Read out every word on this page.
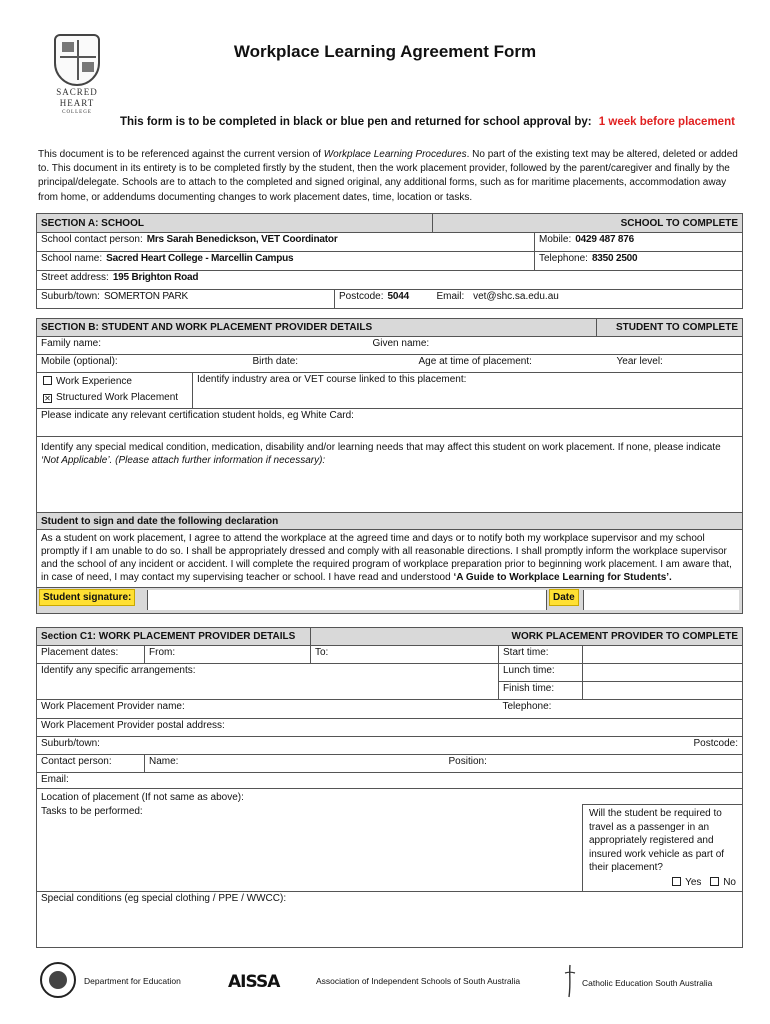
SACRED
HEART
COLLEGE
Workplace Learning Agreement Form
This form is to be completed in black or blue pen and returned for school approval by: 1 week before placement
This document is to be referenced against the current version of Workplace Learning Procedures. No part of the existing text may be altered, deleted or added to. This document in its entirety is to be completed firstly by the student, then the work placement provider, followed by the parent/caregiver and finally by the principal/delegate. Schools are to attach to the completed and signed original, any additional forms, such as for maritime placements, accommodation away from home, or addendums documenting changes to work placement dates, time, location or tasks.
SECTION A: SCHOOL		SCHOOL TO COMPLETE	
School contact person: Mrs Sarah Benedickson, VET Coordinator			Mobile: 0429 487 876
School name: Sacred Heart College - Marcellin Campus			Telephone: 8350 2500
Street address: 195 Brighton Road			
Suburb/town: SOMERTON PARK	Postcode: 5044	Email: vet@shc.sa.edu.au	
SECTION B: STUDENT AND WORK PLACEMENT PROVIDER DETAILS			STUDENT TO COMPLETE
Family name:		Given name:	
Mobile (optional):	Birth date:	Age at time of placement:	Year level:

Work Experience
✕ Structured Work Placement	Identify industry area or VET course linked to this placement:		
Please indicate any relevant certification student holds, eg White Card:			
Identify any special medical condition, medication, disability and/or learning needs that may affect this student on work placement. If none, please indicate ‘Not Applicable’. (Please attach further information if necessary):			
Student to sign and date the following declaration			
As a student on work placement, I agree to attend the workplace at the agreed time and days or to notify both my workplace supervisor and my school promptly if I am unable to do so. I shall be appropriately dressed and comply with all reasonable directions. I shall promptly inform the workplace supervisor and the school of any incident or accident. I will complete the required program of workplace preparation prior to beginning work placement. I am aware that, in case of need, I may contact my supervising teacher or school. I have read and understood ‘A Guide to Workplace Learning for Students’.			

Student signature: Date			
Section C1: WORK PLACEMENT PROVIDER DETAILS		WORK PLACEMENT PROVIDER TO COMPLETE		
Placement dates:	From:	To:	Start time:	
Identify any specific arrangements:			Lunch time:	
			Finish time:	
Work Placement Provider name:			Telephone:	
Work Placement Provider postal address:				
Suburb/town:				Postcode:
Contact person:	Name:		Position:	
Email:				
Location of placement (If not same as above):				
Tasks to be performed:				Will the student be required to travel as a passenger in an appropriately registered and insured work vehicle as part of their placement?
Yes No

Special conditions (eg special clothing / PPE / WWCC):				
Department for Education	AISSA	Association of Independent Schools of South Australia	Catholic Education South Australia
